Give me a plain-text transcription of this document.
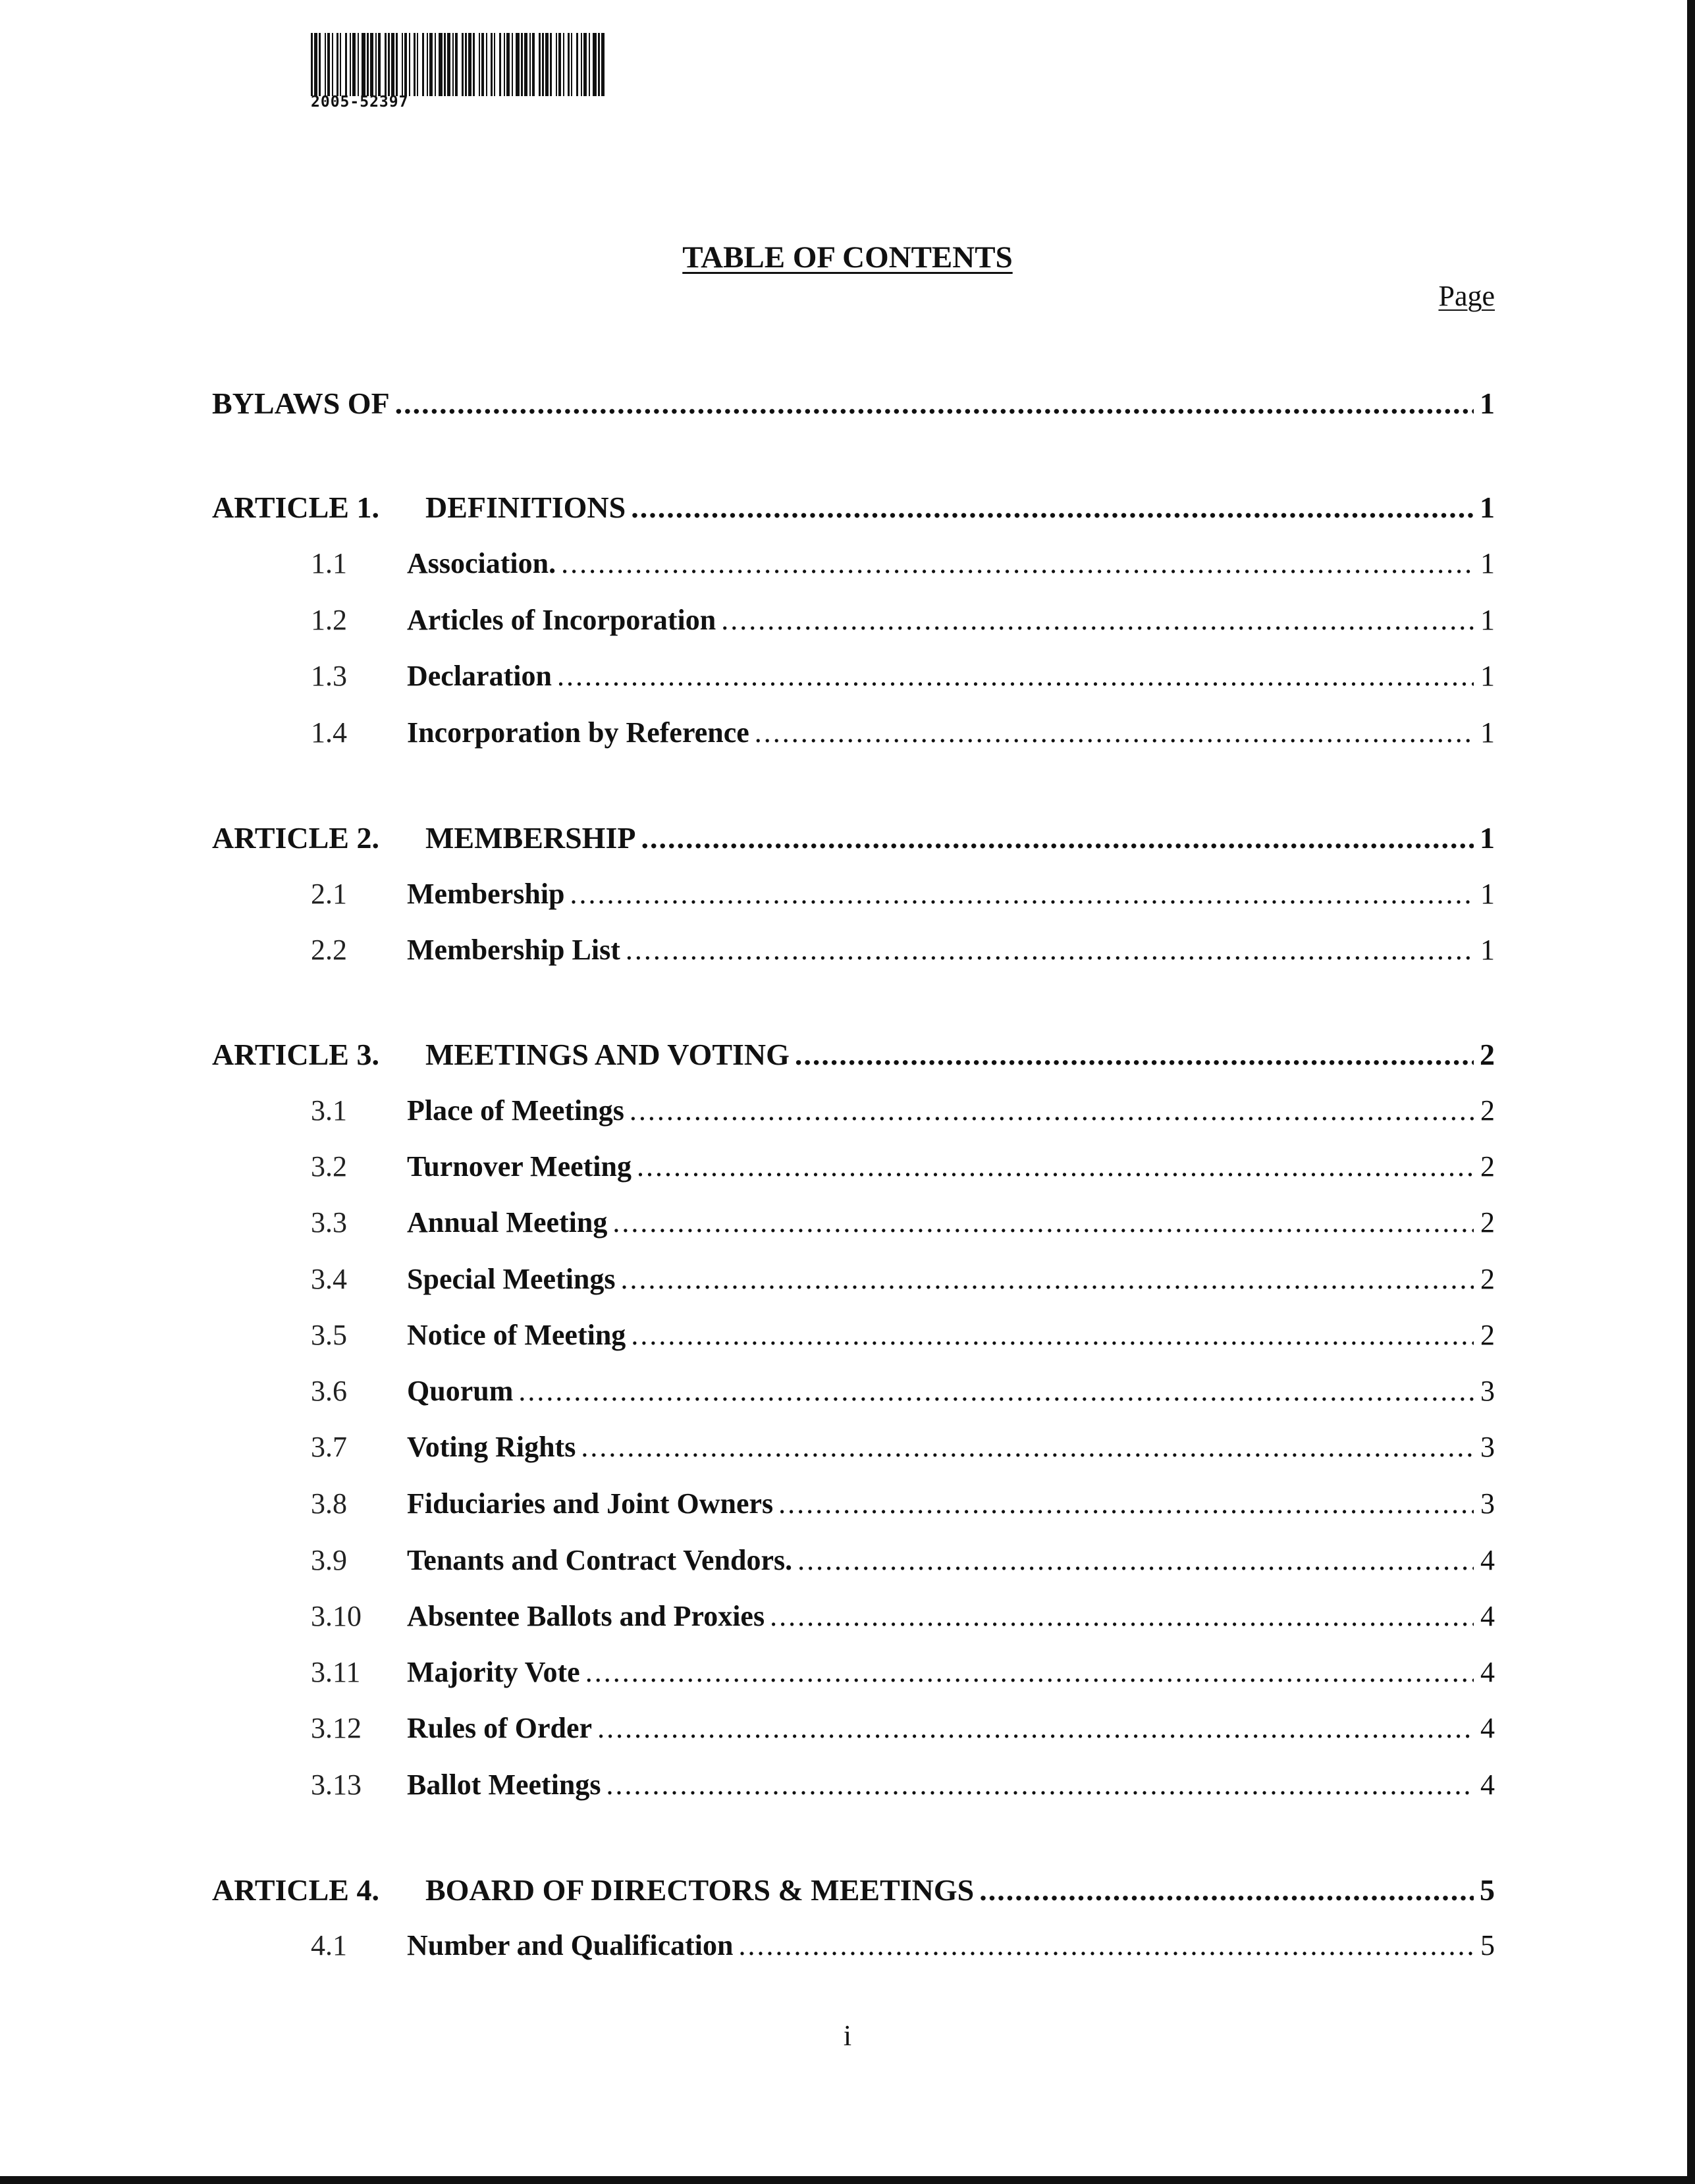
2005-52397
TABLE OF CONTENTS
Page
BYLAWS OF .....	1
ARTICLE 1.	DEFINITIONS .....	1
1.1	Association. .....	1
1.2	Articles of Incorporation .....	1
1.3	Declaration .....	1
1.4	Incorporation by Reference .....	1
ARTICLE 2.	MEMBERSHIP .....	1
2.1	Membership .....	1
2.2	Membership List .....	1
ARTICLE 3.	MEETINGS AND VOTING .....	2
3.1	Place of Meetings .....	2
3.2	Turnover Meeting .....	2
3.3	Annual Meeting .....	2
3.4	Special Meetings .....	2
3.5	Notice of Meeting .....	2
3.6	Quorum .....	3
3.7	Voting Rights .....	3
3.8	Fiduciaries and Joint Owners .....	3
3.9	Tenants and Contract Vendors. .....	4
3.10	Absentee Ballots and Proxies .....	4
3.11	Majority Vote .....	4
3.12	Rules of Order .....	4
3.13	Ballot Meetings .....	4
ARTICLE 4.	BOARD OF DIRECTORS & MEETINGS .....	5
4.1	Number and Qualification .....	5
i
